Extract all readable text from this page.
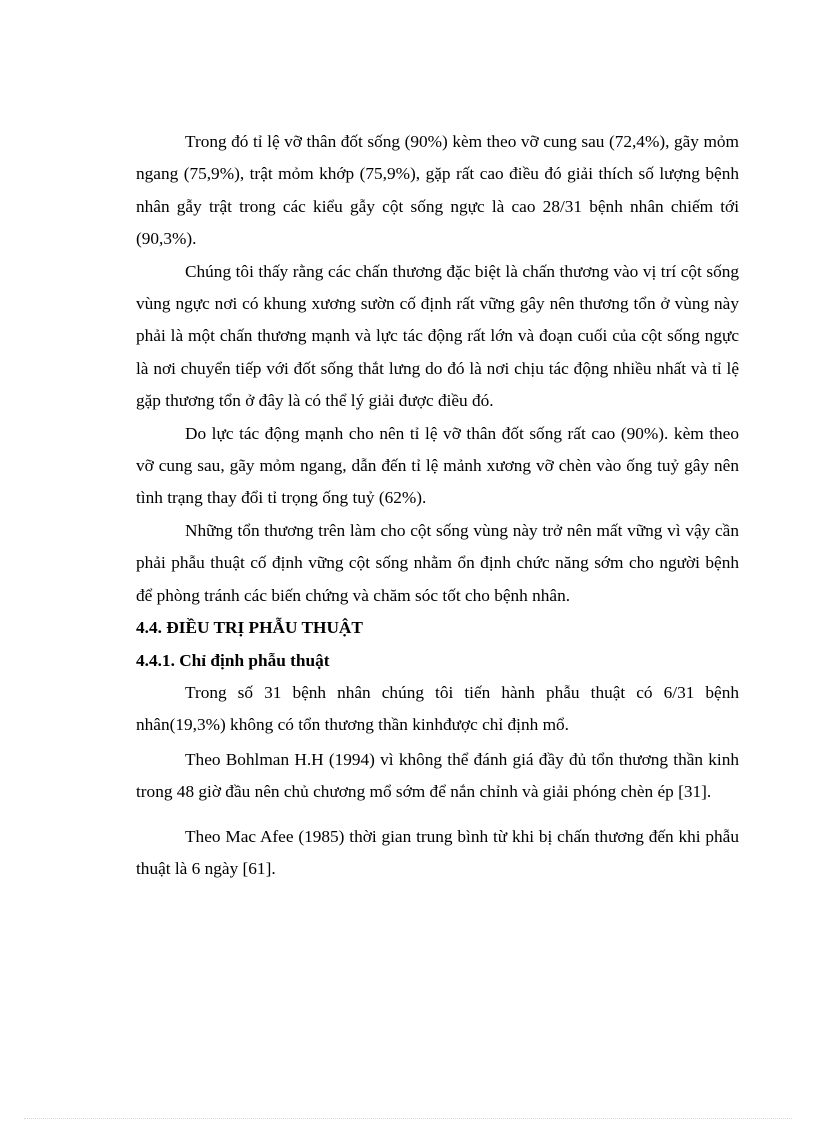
Trong đó tỉ lệ vỡ thân đốt sống (90%) kèm theo vỡ cung sau (72,4%), gãy mỏm ngang (75,9%), trật mỏm khớp (75,9%), gặp rất cao điều đó giải thích số lượng bệnh nhân gẫy trật trong các kiểu gẫy cột sống ngực là cao 28/31 bệnh nhân chiếm tới (90,3%).

Chúng tôi thấy rằng các chấn thương đặc biệt là chấn thương vào vị trí cột sống vùng ngực nơi có khung xương sườn cố định rất vững gây nên thương tổn ở vùng này phải là một chấn thương mạnh và lực tác động rất lớn và đoạn cuối của cột sống ngực là nơi chuyển tiếp với đốt sống thắt lưng do đó là nơi chịu tác động nhiều nhất và tỉ lệ gặp thương tổn ở đây là có thể lý giải được điều đó.

Do lực tác động mạnh cho nên tỉ lệ vỡ thân đốt sống rất cao (90%). kèm theo vỡ cung sau, gãy mỏm ngang, dẫn đến tỉ lệ mảnh xương vỡ chèn vào ống tuỷ gây nên tình trạng thay đổi tỉ trọng ống tuỷ (62%).

Những tổn thương trên làm cho cột sống vùng này trở nên mất vững vì vậy cần phải phẫu thuật cố định vững cột sống nhằm ổn định chức năng sớm cho người bệnh để phòng tránh các biến chứng và chăm sóc tốt cho bệnh nhân.

4.4. ĐIỀU TRỊ PHẪU THUẬT
4.4.1. Chỉ định phẫu thuật

Trong số 31 bệnh nhân chúng tôi tiến hành phẫu thuật có 6/31 bệnh nhân(19,3%) không có tổn thương thần kinhđược chỉ định mổ.

Theo Bohlman H.H (1994) vì không thể đánh giá đầy đủ tổn thương thần kinh trong 48 giờ đầu nên chủ chương mổ sớm để nắn chỉnh và giải phóng chèn ép [31].

Theo Mac Afee (1985) thời gian trung bình từ khi bị chấn thương đến khi phẫu thuật là 6 ngày [61].
